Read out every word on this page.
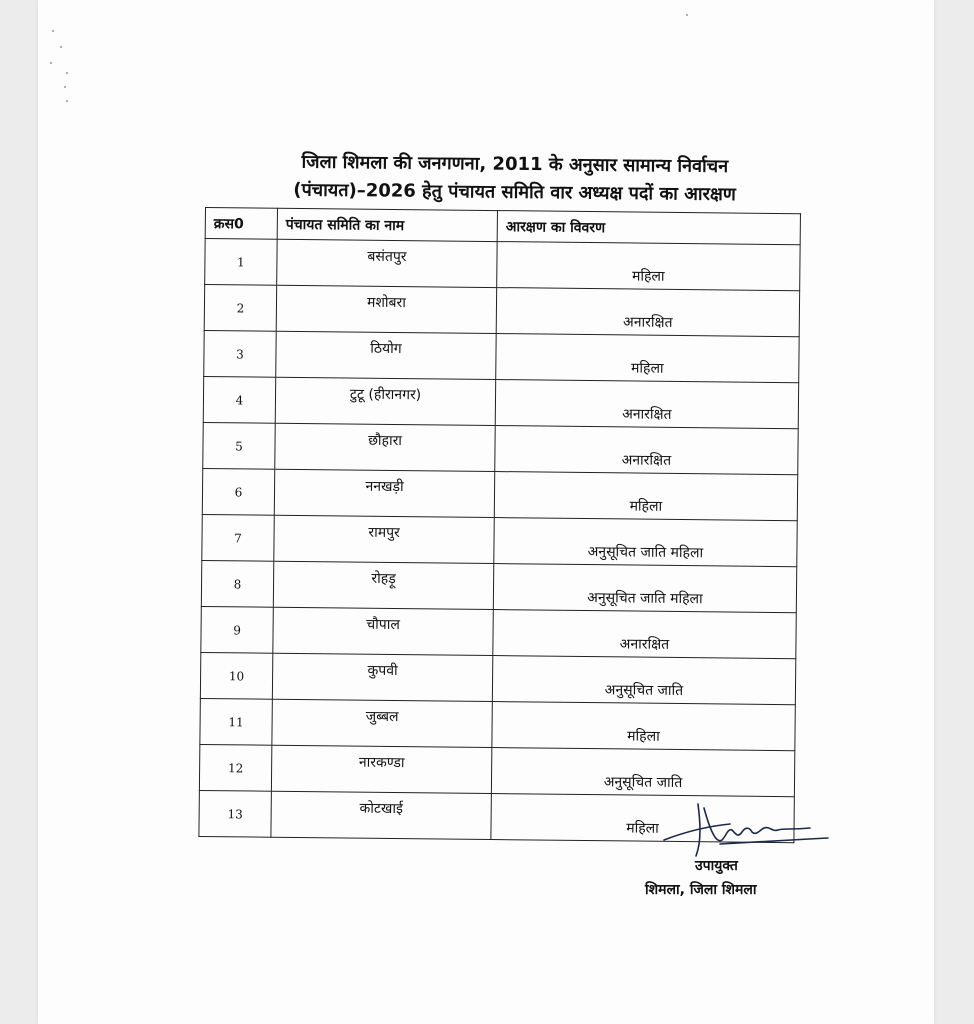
जिला शिमला की जनगणना, 2011 के अनुसार सामान्य निर्वाचन
(पंचायत)–2026 हेतु पंचायत समिति वार अध्यक्ष पदों का आरक्षण
क्रस0	पंचायत समिति का नाम	आरक्षण का विवरण
1	बसंतपुर	महिला
2	मशोबरा	अनारक्षित
3	ठियोग	महिला
4	टुटू (हीरानगर)	अनारक्षित
5	छौहारा	अनारक्षित
6	ननखड़ी	महिला
7	रामपुर	अनुसूचित जाति महिला
8	रोहड़ू	अनुसूचित जाति महिला
9	चौपाल	अनारक्षित
10	कुपवी	अनुसूचित जाति
11	जुब्बल	महिला
12	नारकण्डा	अनुसूचित जाति
13	कोटखाई	महिला
उपायुक्त
शिमला, जिला शिमला
